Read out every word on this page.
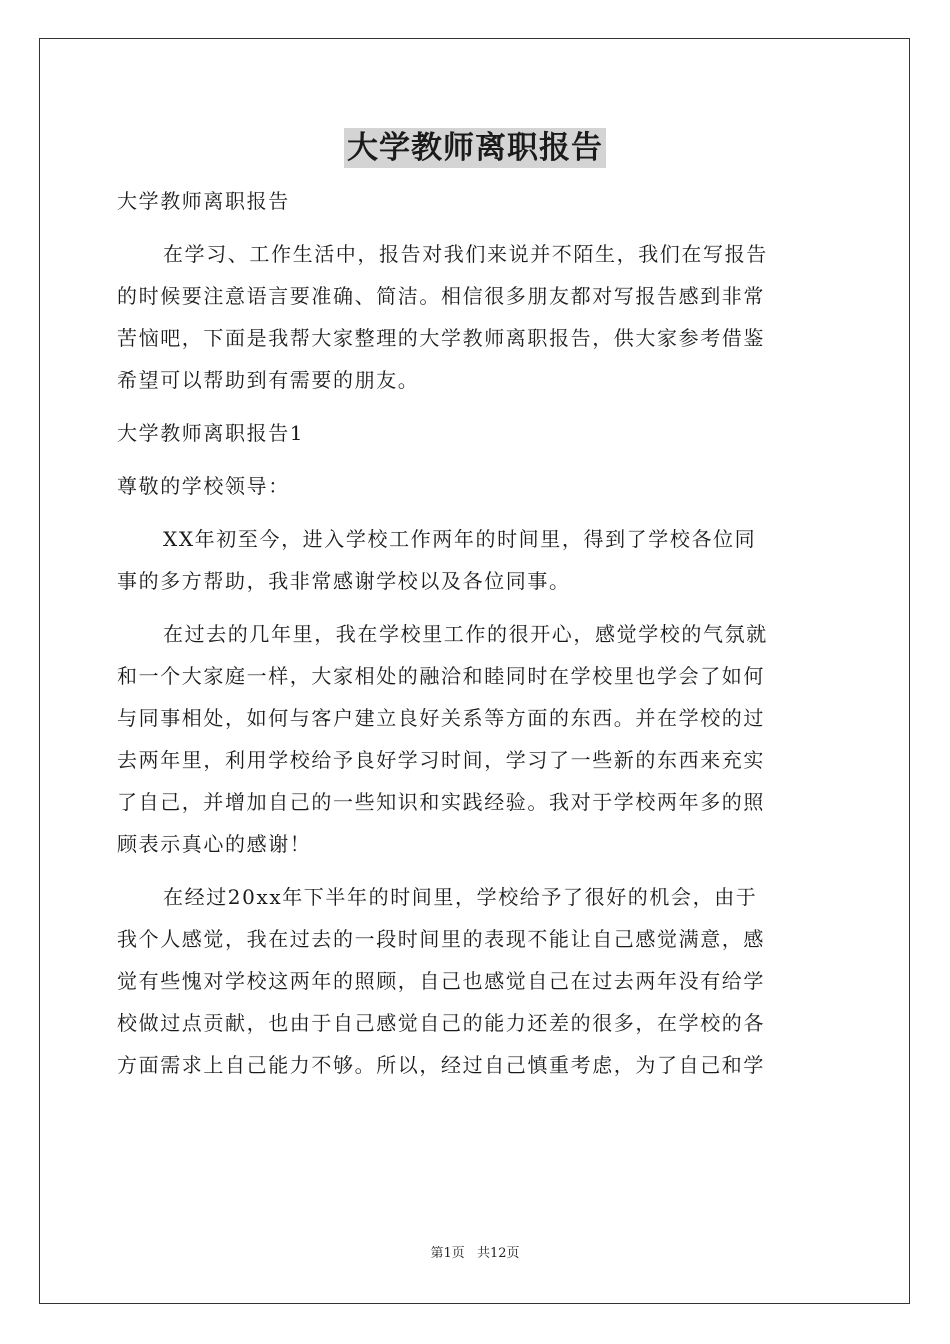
大学教师离职报告
大学教师离职报告
在学习、工作生活中，报告对我们来说并不陌生，我们在写报告
的时候要注意语言要准确、简洁。相信很多朋友都对写报告感到非常
苦恼吧，下面是我帮大家整理的大学教师离职报告，供大家参考借鉴
希望可以帮助到有需要的朋友。
大学教师离职报告1
尊敬的学校领导：
XX年初至今，进入学校工作两年的时间里，得到了学校各位同
事的多方帮助，我非常感谢学校以及各位同事。
在过去的几年里，我在学校里工作的很开心，感觉学校的气氛就
和一个大家庭一样，大家相处的融洽和睦同时在学校里也学会了如何
与同事相处，如何与客户建立良好关系等方面的东西。并在学校的过
去两年里，利用学校给予良好学习时间，学习了一些新的东西来充实
了自己，并增加自己的一些知识和实践经验。我对于学校两年多的照
顾表示真心的感谢！
在经过20xx年下半年的时间里，学校给予了很好的机会，由于
我个人感觉，我在过去的一段时间里的表现不能让自己感觉满意，感
觉有些愧对学校这两年的照顾，自己也感觉自己在过去两年没有给学
校做过点贡献，也由于自己感觉自己的能力还差的很多，在学校的各
方面需求上自己能力不够。所以，经过自己慎重考虑，为了自己和学
第1页 共12页
